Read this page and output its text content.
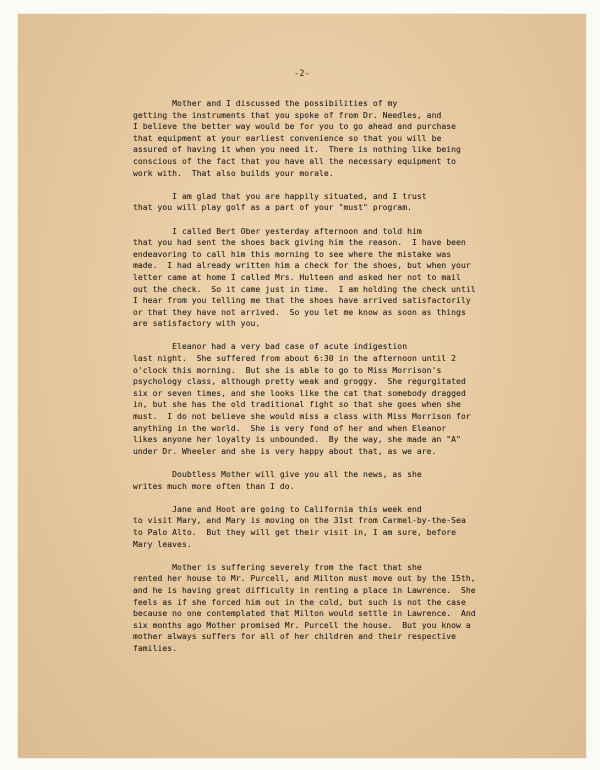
-2-
Mother and I discussed the possibilities of my
getting the instruments that you spoke of from Dr. Needles, and
I believe the better way would be for you to go ahead and purchase
that equipment at your earliest convenience so that you will be
assured of having it when you need it.  There is nothing like being
conscious of the fact that you have all the necessary equipment to
work with.  That also builds your morale.
I am glad that you are happily situated, and I trust
that you will play golf as a part of your "must" program.
I called Bert Ober yesterday afternoon and told him
that you had sent the shoes back giving him the reason.  I have been
endeavoring to call him this morning to see where the mistake was
made.  I had already written him a check for the shoes, but when your
letter came at home I called Mrs. Hulteen and asked her not to mail
out the check.  So it came just in time.  I am holding the check until
I hear from you telling me that the shoes have arrived satisfactorily
or that they have not arrived.  So you let me know as soon as things
are satisfactory with you.
Eleanor had a very bad case of acute indigestion
last night.  She suffered from about 6:30 in the afternoon until 2
o'clock this morning.  But she is able to go to Miss Morrison's
psychology class, although pretty weak and groggy.  She regurgitated
six or seven times, and she looks like the cat that somebody dragged
in, but she has the old traditional fight so that she goes when she
must.  I do not believe she would miss a class with Miss Morrison for
anything in the world.  She is very fond of her and when Eleanor
likes anyone her loyalty is unbounded.  By the way, she made an "A"
under Dr. Wheeler and she is very happy about that, as we are.
Doubtless Mother will give you all the news, as she
writes much more often than I do.
Jane and Hoot are going to California this week end
to visit Mary, and Mary is moving on the 31st from Carmel-by-the-Sea
to Palo Alto.  But they will get their visit in, I am sure, before
Mary leaves.
Mother is suffering severely from the fact that she
rented her house to Mr. Purcell, and Milton must move out by the 15th,
and he is having great difficulty in renting a place in Lawrence.  She
feels as if she forced him out in the cold, but such is not the case
because no one contemplated that Milton would settle in Lawrence.  And
six months ago Mother promised Mr. Purcell the house.  But you know a
mother always suffers for all of her children and their respective
families.
